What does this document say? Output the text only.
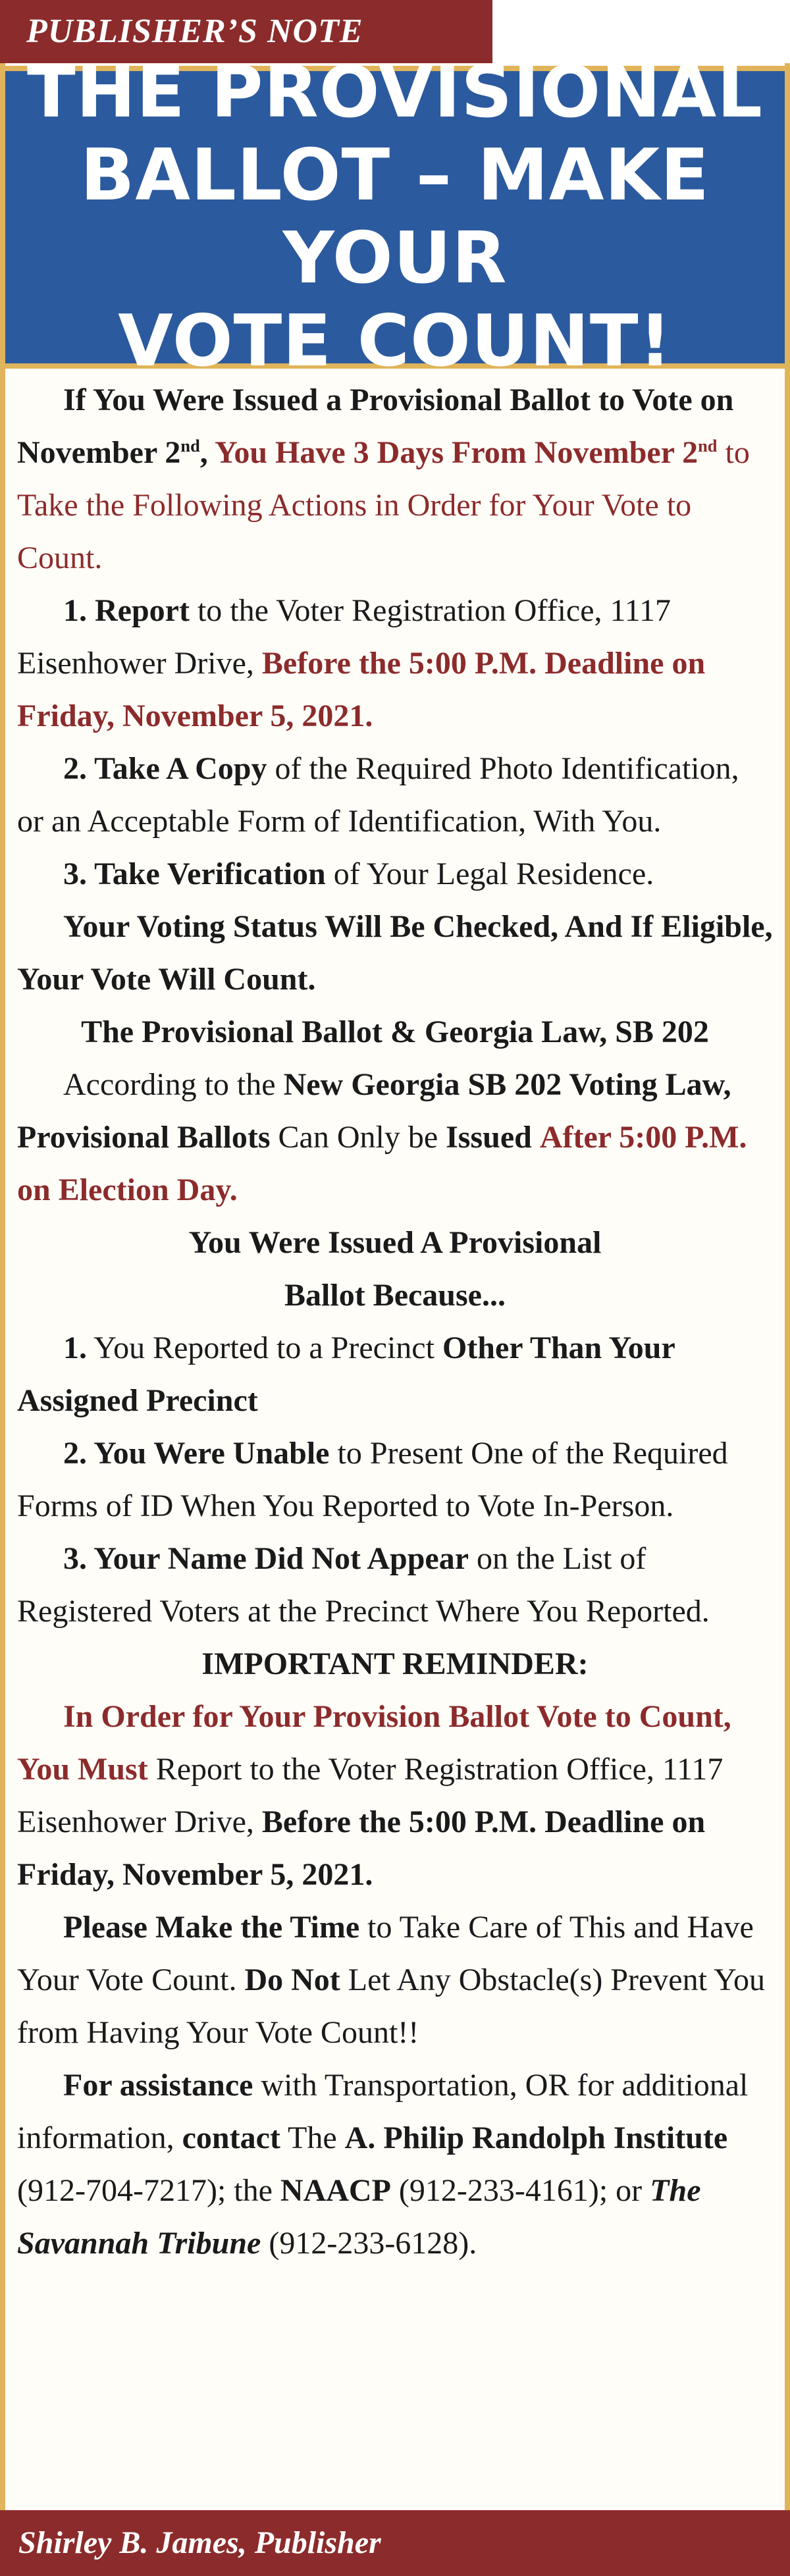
PUBLISHER’S NOTE
THE PROVISIONAL
BALLOT – MAKE YOUR
VOTE COUNT!

If You Were Issued a Provisional Ballot to Vote on November 2nd, You Have 3 Days From November 2nd to Take the Following Actions in Order for Your Vote to Count.

1. Report to the Voter Registration Office, 1117 Eisenhower Drive, Before the 5:00 P.M. Deadline on Friday, November 5, 2021.

2. Take A Copy of the Required Photo Identification, or an Acceptable Form of Identification, With You.

3. Take Verification of Your Legal Residence.

Your Voting Status Will Be Checked, And If Eligible, Your Vote Will Count.

The Provisional Ballot & Georgia Law, SB 202

According to the New Georgia SB 202 Voting Law, Provisional Ballots Can Only be Issued After 5:00 P.M. on Election Day.

You Were Issued A Provisional
Ballot Because...

1. You Reported to a Precinct Other Than Your Assigned Precinct

2. You Were Unable to Present One of the Required Forms of ID When You Reported to Vote In-Person.

3. Your Name Did Not Appear on the List of Registered Voters at the Precinct Where You Reported.

IMPORTANT REMINDER:

In Order for Your Provision Ballot Vote to Count, You Must Report to the Voter Registration Office, 1117 Eisenhower Drive, Before the 5:00 P.M. Deadline on Friday, November 5, 2021.

Please Make the Time to Take Care of This and Have Your Vote Count. Do Not Let Any Obstacle(s) Prevent You from Having Your Vote Count!!

For assistance with Transportation, OR for additional information, contact The A. Philip Randolph Institute (912-704-7217); the NAACP (912-233-4161); or The Savannah Tribune (912-233-6128).

Shirley B. James, Publisher
